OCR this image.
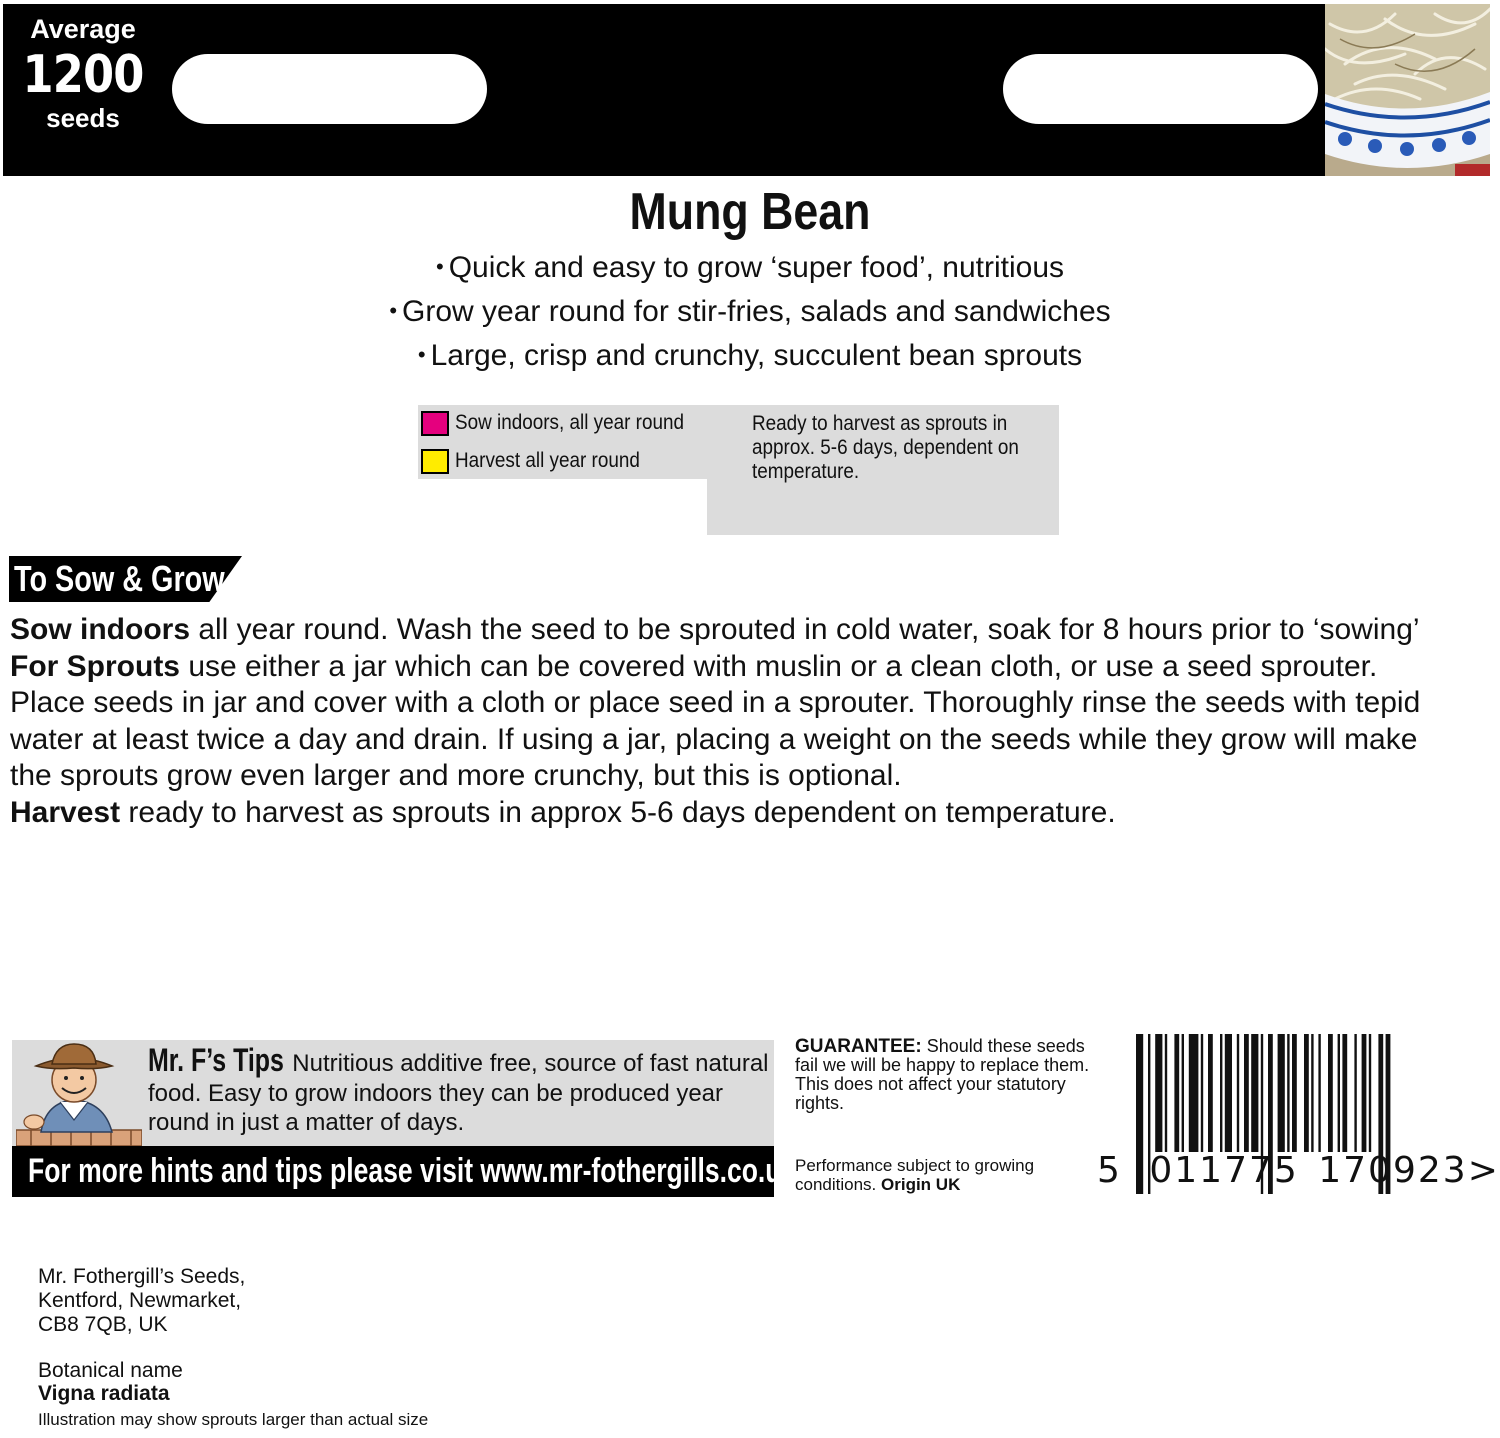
Average
1200
seeds
Mung Bean
• Quick and easy to grow ‘super food’, nutritious
• Grow year round for stir-fries, salads and sandwiches
• Large, crisp and crunchy, succulent bean sprouts
Sow indoors, all year round
Harvest all year round
Ready to harvest as sprouts in approx. 5-6 days, dependent on temperature.
To Sow & Grow
Sow indoors all year round. Wash the seed to be sprouted in cold water, soak for 8 hours prior to ‘sowing’
For Sprouts use either a jar which can be covered with muslin or a clean cloth, or use a seed sprouter.
Place seeds in jar and cover with a cloth or place seed in a sprouter. Thoroughly rinse the seeds with tepid
water at least twice a day and drain. If using a jar, placing a weight on the seeds while they grow will make
the sprouts grow even larger and more crunchy, but this is optional.
Harvest ready to harvest as sprouts in approx 5-6 days dependent on temperature.
Mr. F’s Tips Nutritious additive free, source of fast natural food. Easy to grow indoors they can be produced year round in just a matter of days.
For more hints and tips please visit www.mr-fothergills.co.uk
GUARANTEE: Should these seeds fail we will be happy to replace them. This does not affect your statutory rights.
Performance subject to growing conditions. Origin UK	5 011775 170923>
Mr. Fothergill’s Seeds,
Kentford, Newmarket,
CB8 7QB, UK
Botanical name
Vigna radiata
Illustration may show sprouts larger than actual size
